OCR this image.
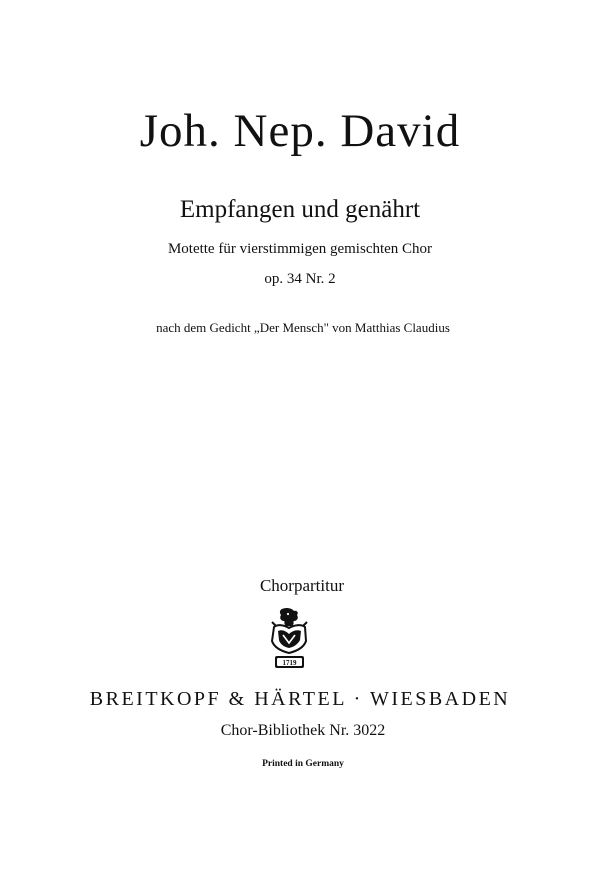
Joh. Nep. David
Empfangen und genährt
Motette für vierstimmigen gemischten Chor
op. 34 Nr. 2
nach dem Gedicht „Der Mensch" von Matthias Claudius
Chorpartitur
1719
BREITKOPF & HÄRTEL · WIESBADEN
Chor-Bibliothek Nr. 3022
Printed in Germany
